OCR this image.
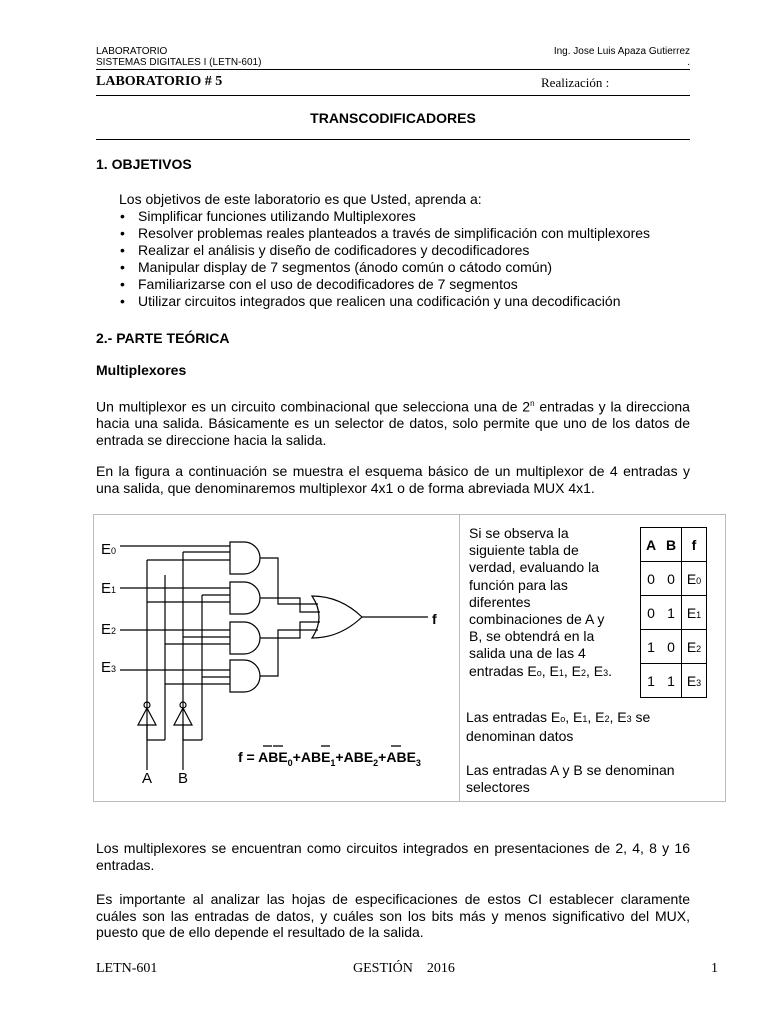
LABORATORIO
SISTEMAS DIGITALES I (LETN-601)
Ing. Jose Luis Apaza Gutierrez
.
LABORATORIO # 5	Realización :
TRANSCODIFICADORES
1. OBJETIVOS
Los objetivos de este laboratorio es que Usted, aprenda a:
• Simplificar funciones utilizando Multiplexores
• Resolver problemas reales planteados a través de simplificación con multiplexores
• Realizar el análisis y diseño de codificadores y decodificadores
• Manipular display de 7 segmentos (ánodo común o cátodo común)
• Familiarizarse con el uso de decodificadores de 7 segmentos
• Utilizar circuitos integrados que realicen una codificación y una decodificación
2.- PARTE TEÓRICA
Multiplexores
Un multiplexor es un circuito combinacional que selecciona una de 2$^n$ entradas y la direcciona hacia una salida. Básicamente es un selector de datos, solo permite que uno de los datos de entrada se direccione hacia la salida.
En la figura a continuación se muestra el esquema básico de un multiplexor de 4 entradas y una salida, que denominaremos multiplexor 4x1 o de forma abreviada MUX 4x1.
E0
E1
E2
E3
f
A B
$f = ABE_0+ABE_1+ABE_2+ABE_3$
Si se observa la
siguiente tabla de
verdad, evaluando la
función para las
diferentes
combinaciones de A y
B, se obtendrá en la
salida una de las 4
entradas Eo, E1, E2, E3.
A	B	f
0	0	E0
0	1	E1
1	0	E2
1	1	E3
Las entradas Eo, E1, E2, E3 se
denominan datos
Las entradas A y B se denominan selectores
Los multiplexores se encuentran como circuitos integrados en presentaciones de 2, 4, 8 y 16 entradas.
Es importante al analizar las hojas de especificaciones de estos CI establecer claramente cuáles son las entradas de datos, y cuáles son los bits más y menos significativo del MUX, puesto que de ello depende el resultado de la salida.
LETN-601	GESTIÓN    2016	1
